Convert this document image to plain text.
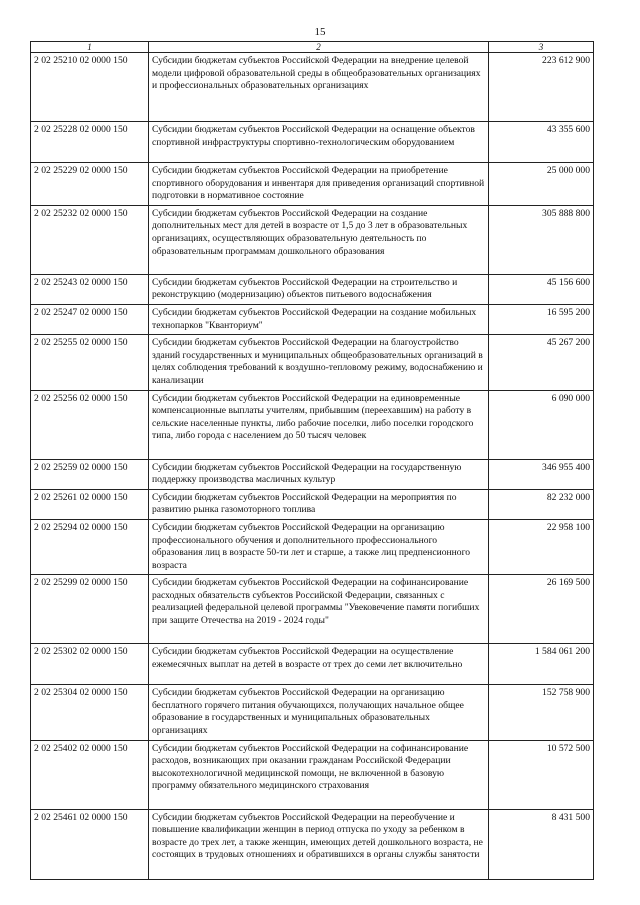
15
1	2	3
2 02 25210 02 0000 150	Субсидии бюджетам субъектов Российской Федерации на внедрение целевой модели цифровой образовательной среды в общеобразовательных организациях и профессиональных образовательных организациях	223 612 900
2 02 25228 02 0000 150	Субсидии бюджетам субъектов Российской Федерации на оснащение объектов спортивной инфраструктуры спортивно-технологическим оборудованием	43 355 600
2 02 25229 02 0000 150	Субсидии бюджетам субъектов Российской Федерации на приобретение спортивного оборудования и инвентаря для приведения организаций спортивной подготовки в нормативное состояние	25 000 000
2 02 25232 02 0000 150	Субсидии бюджетам субъектов Российской Федерации на создание дополнительных мест для детей в возрасте от 1,5 до 3 лет в образовательных организациях, осуществляющих образовательную деятельность по образовательным программам дошкольного образования	305 888 800
2 02 25243 02 0000 150	Субсидии бюджетам субъектов Российской Федерации на строительство и реконструкцию (модернизацию) объектов питьевого водоснабжения	45 156 600
2 02 25247 02 0000 150	Субсидии бюджетам субъектов Российской Федерации на создание мобильных технопарков "Кванториум"	16 595 200
2 02 25255 02 0000 150	Субсидии бюджетам субъектов Российской Федерации на благоустройство зданий государственных и муниципальных общеобразовательных организаций в целях соблюдения требований к воздушно-тепловому режиму, водоснабжению и канализации	45 267 200
2 02 25256 02 0000 150	Субсидии бюджетам субъектов Российской Федерации на единовременные компенсационные выплаты учителям, прибывшим (переехавшим) на работу в сельские населенные пункты, либо рабочие поселки, либо поселки городского типа, либо города с населением до 50 тысяч человек	6 090 000
2 02 25259 02 0000 150	Субсидии бюджетам субъектов Российской Федерации на государственную поддержку производства масличных культур	346 955 400
2 02 25261 02 0000 150	Субсидии бюджетам субъектов Российской Федерации на мероприятия по развитию рынка газомоторного топлива	82 232 000
2 02 25294 02 0000 150	Субсидии бюджетам субъектов Российской Федерации на организацию профессионального обучения и дополнительного профессионального образования лиц в возрасте 50-ти лет и старше, а также лиц предпенсионного возраста	22 958 100
2 02 25299 02 0000 150	Субсидии бюджетам субъектов Российской Федерации на софинансирование расходных обязательств субъектов Российской Федерации, связанных с реализацией федеральной целевой программы "Увековечение памяти погибших при защите Отечества на 2019 - 2024 годы"	26 169 500
2 02 25302 02 0000 150	Субсидии бюджетам субъектов Российской Федерации на осуществление ежемесячных выплат на детей в возрасте от трех до семи лет включительно	1 584 061 200
2 02 25304 02 0000 150	Субсидии бюджетам субъектов Российской Федерации на организацию бесплатного горячего питания обучающихся, получающих начальное общее образование в государственных и муниципальных образовательных организациях	152 758 900
2 02 25402 02 0000 150	Субсидии бюджетам субъектов Российской Федерации на софинансирование расходов, возникающих при оказании гражданам Российской Федерации высокотехнологичной медицинской помощи, не включенной в базовую программу обязательного медицинского страхования	10 572 500
2 02 25461 02 0000 150	Субсидии бюджетам субъектов Российской Федерации на переобучение и повышение квалификации женщин в период отпуска по уходу за ребенком в возрасте до трех лет, а также женщин, имеющих детей дошкольного возраста, не состоящих в трудовых отношениях и обратившихся в органы службы занятости	8 431 500
